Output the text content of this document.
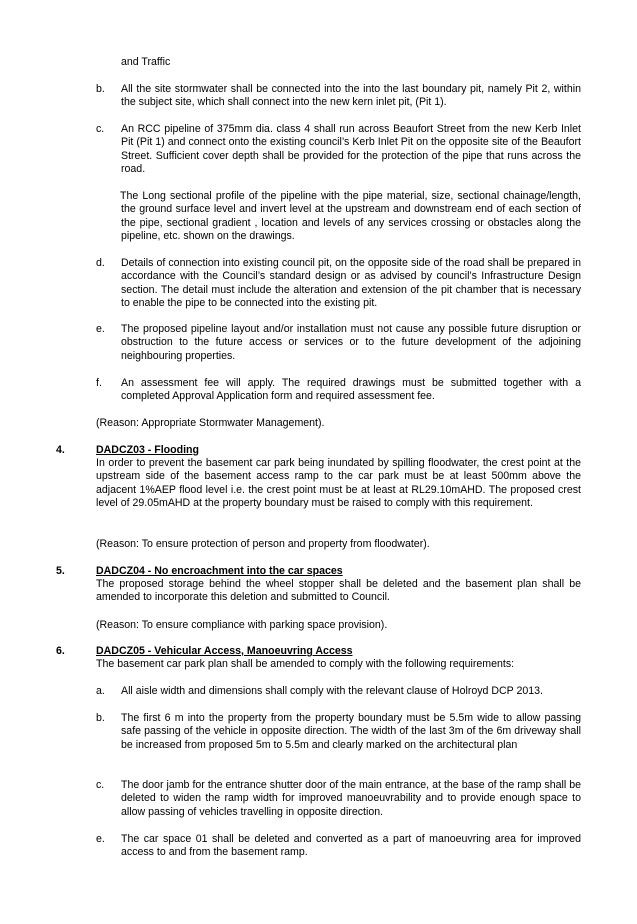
and Traffic

b. All the site stormwater shall be connected into the into the last boundary pit, namely Pit 2, within the subject site, which shall connect into the new kern inlet pit, (Pit 1).

c. An RCC pipeline of 375mm dia. class 4 shall run across Beaufort Street from the new Kerb Inlet Pit (Pit 1) and connect onto the existing council’s Kerb Inlet Pit on the opposite site of the Beaufort Street. Sufficient cover depth shall be provided for the protection of the pipe that runs across the road.

The Long sectional profile of the pipeline with the pipe material, size, sectional chainage/length, the ground surface level and invert level at the upstream and downstream end of each section of the pipe, sectional gradient , location and levels of any services crossing or obstacles along the pipeline, etc. shown on the drawings.

d. Details of connection into existing council pit, on the opposite side of the road shall be prepared in accordance with the Council’s standard design or as advised by council’s Infrastructure Design section. The detail must include the alteration and extension of the pit chamber that is necessary to enable the pipe to be connected into the existing pit.

e. The proposed pipeline layout and/or installation must not cause any possible future disruption or obstruction to the future access or services or to the future development of the adjoining neighbouring properties.

f. An assessment fee will apply. The required drawings must be submitted together with a completed Approval Application form and required assessment fee.

(Reason: Appropriate Stormwater Management).

4.	DADCZ03 - Flooding

In order to prevent the basement car park being inundated by spilling floodwater, the crest point at the upstream side of the basement access ramp to the car park must be at least 500mm above the adjacent 1%AEP flood level i.e. the crest point must be at least at RL29.10mAHD. The proposed crest level of 29.05mAHD at the property boundary must be raised to comply with this requirement.

(Reason: To ensure protection of person and property from floodwater).

5.	DADCZ04 - No encroachment into the car spaces

The proposed storage behind the wheel stopper shall be deleted and the basement plan shall be amended to incorporate this deletion and submitted to Council.

(Reason: To ensure compliance with parking space provision).

6.	DADCZ05 - Vehicular Access, Manoeuvring Access

The basement car park plan shall be amended to comply with the following requirements:

a. All aisle width and dimensions shall comply with the relevant clause of Holroyd DCP 2013.

b. The first 6 m into the property from the property boundary must be 5.5m wide to allow passing safe passing of the vehicle in opposite direction. The width of the last 3m of the 6m driveway shall be increased from proposed 5m to 5.5m and clearly marked on the architectural plan

c. The door jamb for the entrance shutter door of the main entrance, at the base of the ramp shall be deleted to widen the ramp width for improved manoeuvrability and to provide enough space to allow passing of vehicles travelling in opposite direction.

e. The car space 01 shall be deleted and converted as a part of manoeuvring area for improved access to and from the basement ramp.
